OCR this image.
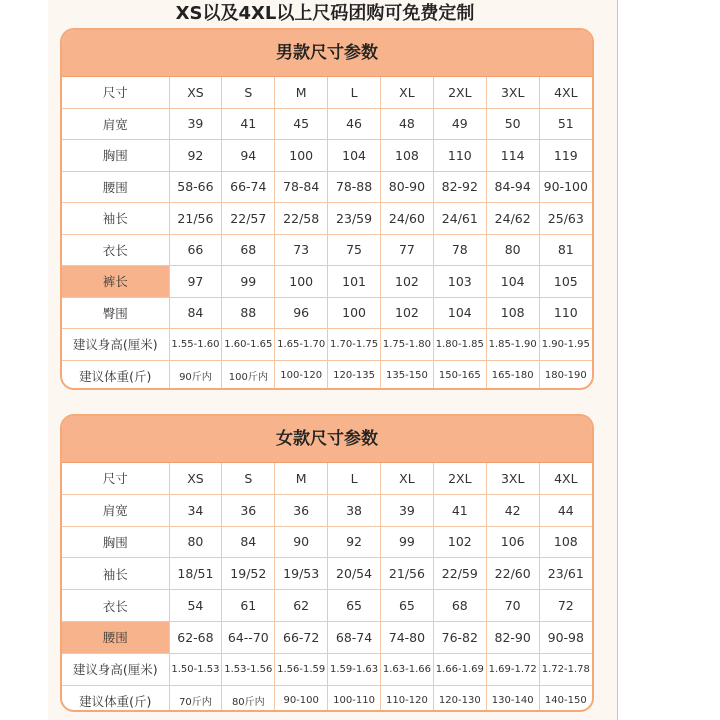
XS以及4XL以上尺码团购可免费定制
男款尺寸参数
尺寸	XS	S	M	L	XL	2XL	3XL	4XL
肩宽	39	41	45	46	48	49	50	51
胸围	92	94	100	104	108	110	114	119
腰围	58-66	66-74	78-84	78-88	80-90	82-92	84-94	90-100
袖长	21/56	22/57	22/58	23/59	24/60	24/61	24/62	25/63
衣长	66	68	73	75	77	78	80	81
裤长	97	99	100	101	102	103	104	105
臀围	84	88	96	100	102	104	108	110
建议身高(厘米)	1.55-1.60	1.60-1.65	1.65-1.70	1.70-1.75	1.75-1.80	1.80-1.85	1.85-1.90	1.90-1.95
建议体重(斤)	90斤内	100斤内	100-120	120-135	135-150	150-165	165-180	180-190
女款尺寸参数
尺寸	XS	S	M	L	XL	2XL	3XL	4XL
肩宽	34	36	36	38	39	41	42	44
胸围	80	84	90	92	99	102	106	108
袖长	18/51	19/52	19/53	20/54	21/56	22/59	22/60	23/61
衣长	54	61	62	65	65	68	70	72
腰围	62-68	64--70	66-72	68-74	74-80	76-82	82-90	90-98
建议身高(厘米)	1.50-1.53	1.53-1.56	1.56-1.59	1.59-1.63	1.63-1.66	1.66-1.69	1.69-1.72	1.72-1.78
建议体重(斤)	70斤内	80斤内	90-100	100-110	110-120	120-130	130-140	140-150
